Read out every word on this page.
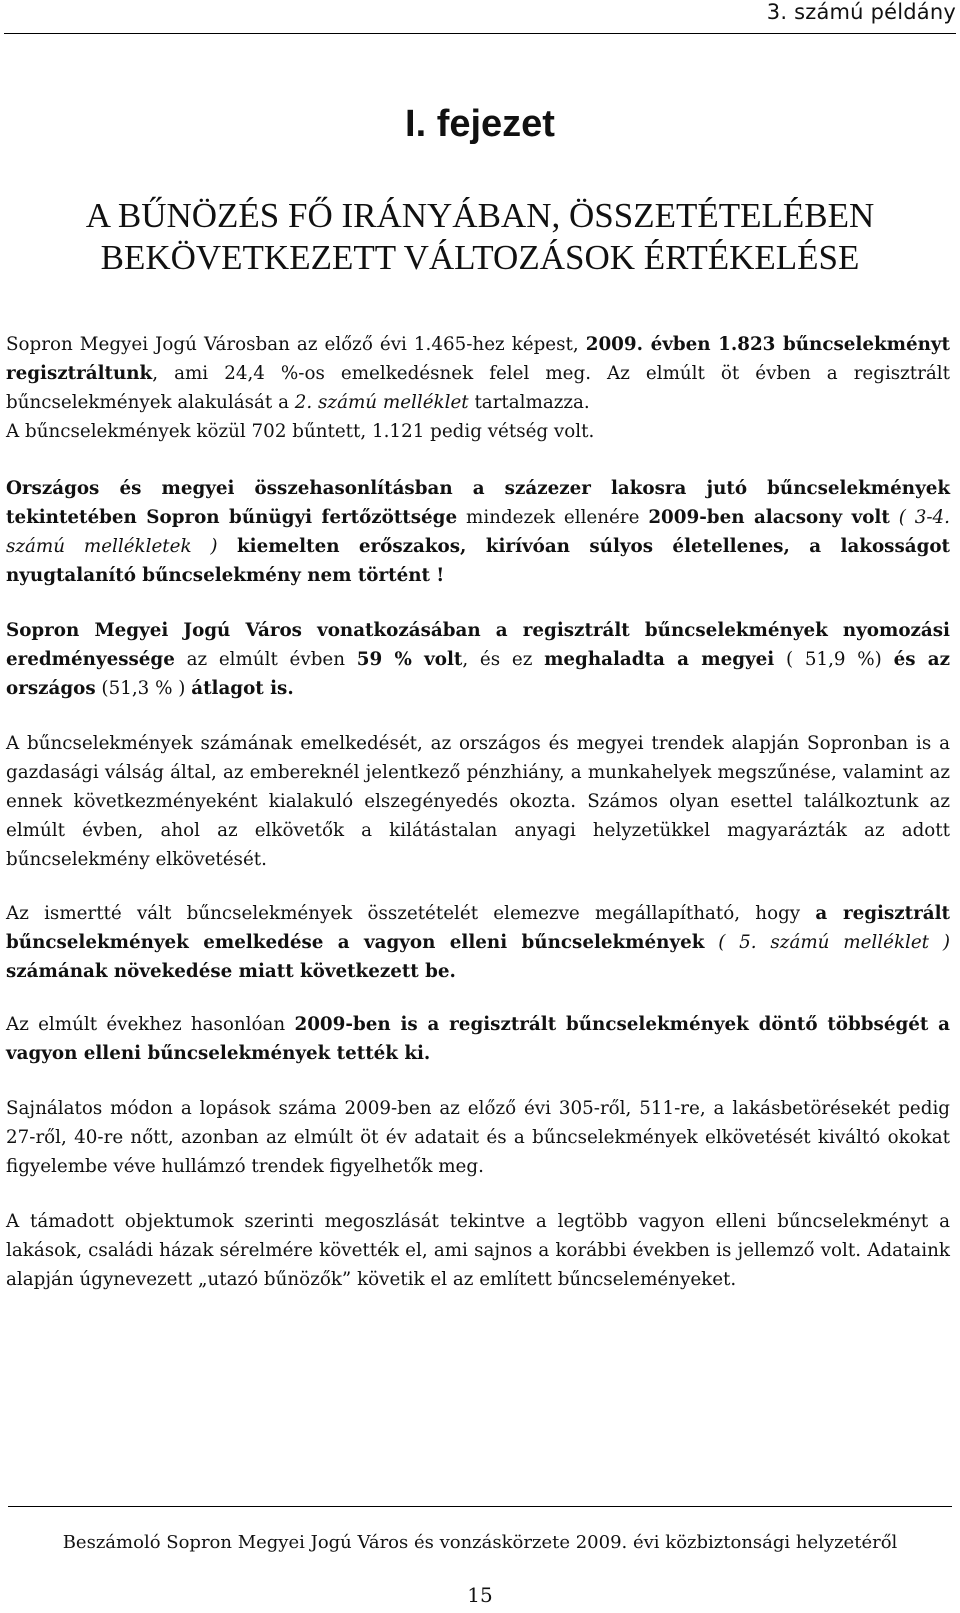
3. számú példány
I. fejezet
A BŰNÖZÉS FŐ IRÁNYÁBAN, ÖSSZETÉTELÉBEN
BEKÖVETKEZETT VÁLTOZÁSOK ÉRTÉKELÉSE
Sopron Megyei Jogú Városban az előző évi 1.465-hez képest, 2009. évben 1.823 bűncselekményt regisztráltunk, ami 24,4 %-os emelkedésnek felel meg. Az elmúlt öt évben a regisztrált bűncselekmények alakulását a 2. számú melléklet tartalmazza.
A bűncselekmények közül 702 bűntett, 1.121 pedig vétség volt.
Országos és megyei összehasonlításban a százezer lakosra jutó bűncselekmények tekintetében Sopron bűnügyi fertőzöttsége mindezek ellenére 2009-ben alacsony volt ( 3-4. számú mellékletek ) kiemelten erőszakos, kirívóan súlyos életellenes, a lakosságot nyugtalanító bűncselekmény nem történt !
Sopron Megyei Jogú Város vonatkozásában a regisztrált bűncselekmények nyomozási eredményessége az elmúlt évben 59 % volt, és ez meghaladta a megyei ( 51,9 %) és az országos (51,3 % ) átlagot is.
A bűncselekmények számának emelkedését, az országos és megyei trendek alapján Sopronban is a gazdasági válság által, az embereknél jelentkező pénzhiány, a munkahelyek megszűnése, valamint az ennek következményeként kialakuló elszegényedés okozta. Számos olyan esettel találkoztunk az elmúlt évben, ahol az elkövetők a kilátástalan anyagi helyzetükkel magyarázták az adott bűncselekmény elkövetését.
Az ismertté vált bűncselekmények összetételét elemezve megállapítható, hogy a regisztrált bűncselekmények emelkedése a vagyon elleni bűncselekmények ( 5. számú melléklet ) számának növekedése miatt következett be.
Az elmúlt évekhez hasonlóan 2009-ben is a regisztrált bűncselekmények döntő többségét a vagyon elleni bűncselekmények tették ki.
Sajnálatos módon a lopások száma 2009-ben az előző évi 305-ről, 511-re, a lakásbetörésekét pedig 27-ről, 40-re nőtt, azonban az elmúlt öt év adatait és a bűncselekmények elkövetését kiváltó okokat figyelembe véve hullámzó trendek figyelhetők meg.
A támadott objektumok szerinti megoszlását tekintve a legtöbb vagyon elleni bűncselekményt a lakások, családi házak sérelmére követték el, ami sajnos a korábbi években is jellemző volt. Adataink alapján úgynevezett „utazó bűnözők” követik el az említett bűncseleményeket.
Beszámoló Sopron Megyei Jogú Város és vonzáskörzete 2009. évi közbiztonsági helyzetéről
15
